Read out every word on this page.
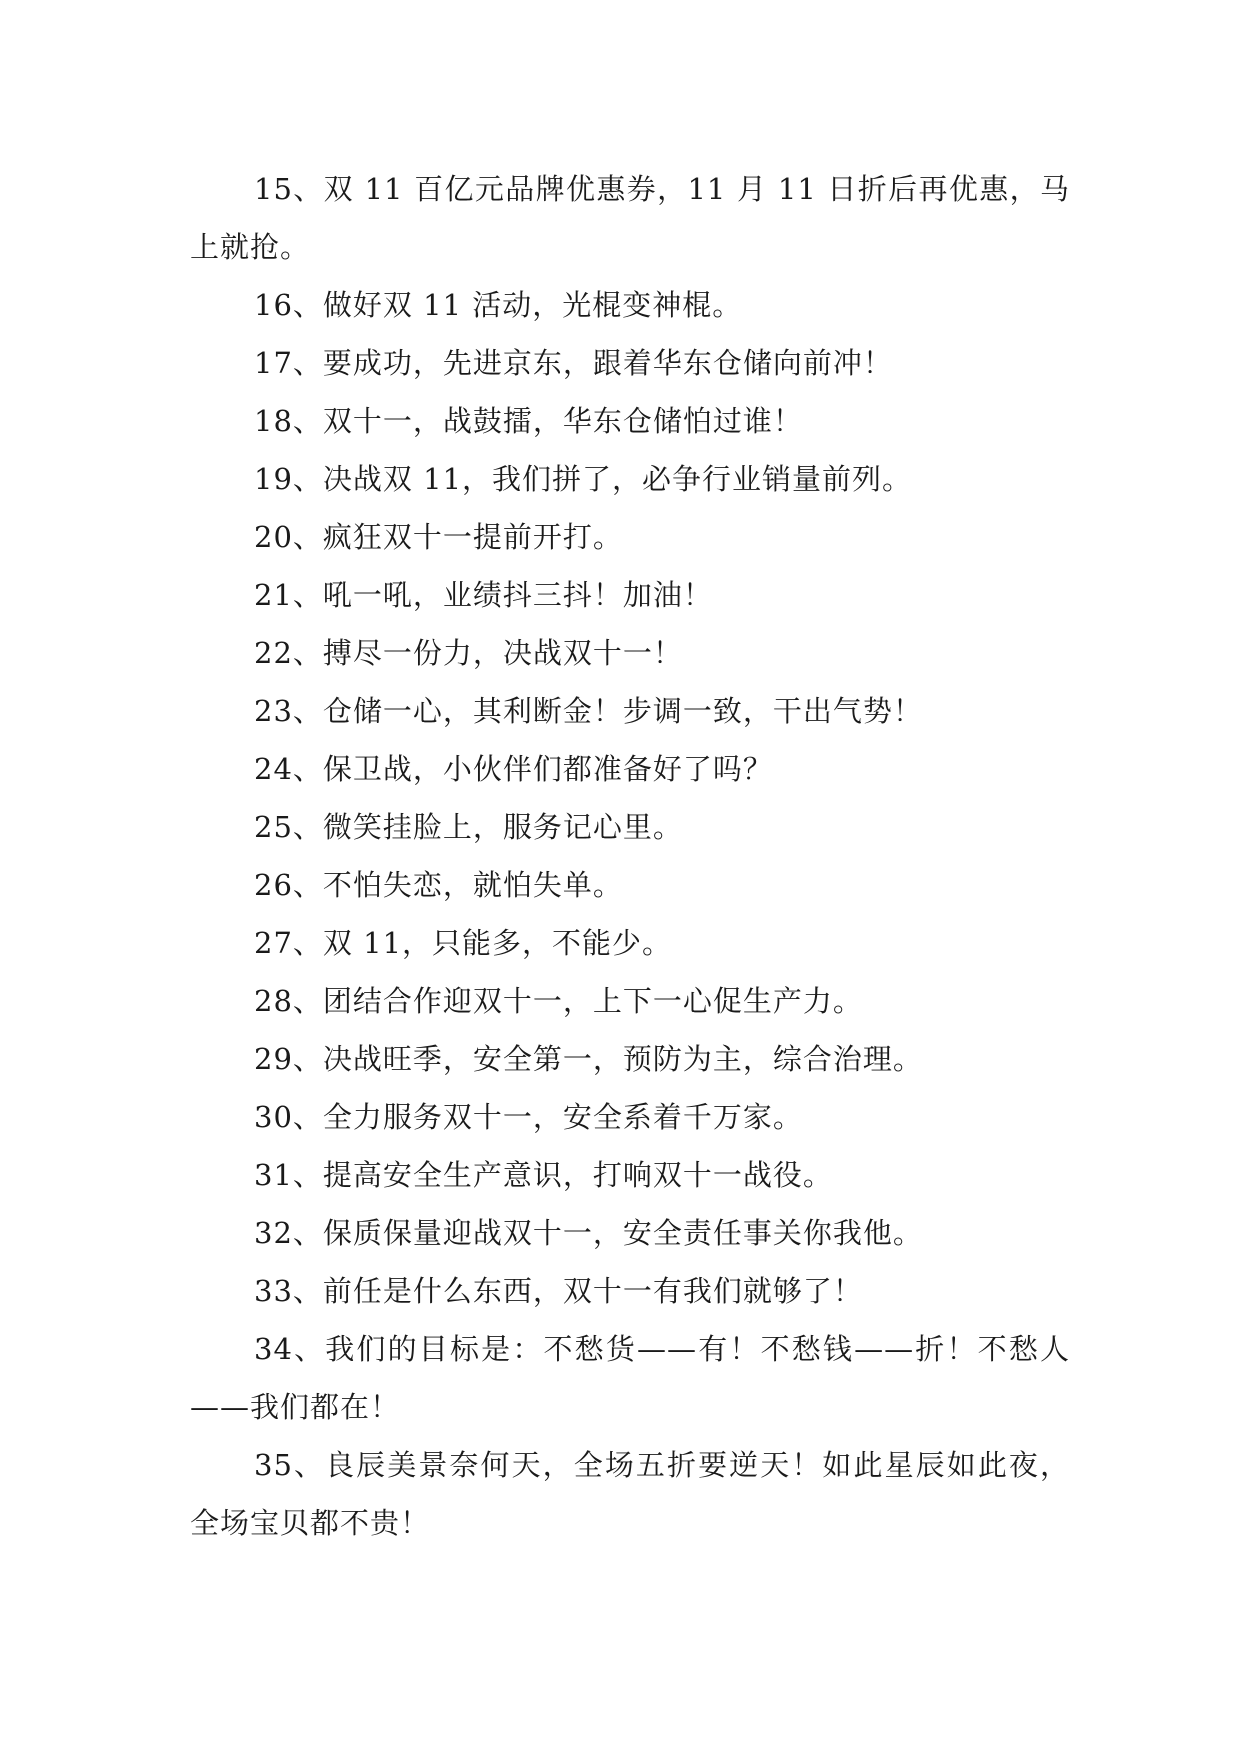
15、双 11 百亿元品牌优惠券，11 月 11 日折后再优惠，马上就抢。

16、做好双 11 活动，光棍变神棍。

17、要成功，先进京东，跟着华东仓储向前冲！

18、双十一，战鼓擂，华东仓储怕过谁！

19、决战双 11，我们拼了，必争行业销量前列。

20、疯狂双十一提前开打。

21、吼一吼，业绩抖三抖！加油！

22、搏尽一份力，决战双十一！

23、仓储一心，其利断金！步调一致，干出气势！

24、保卫战，小伙伴们都准备好了吗？

25、微笑挂脸上，服务记心里。

26、不怕失恋，就怕失单。

27、双 11，只能多，不能少。

28、团结合作迎双十一，上下一心促生产力。

29、决战旺季，安全第一，预防为主，综合治理。

30、全力服务双十一，安全系着千万家。

31、提高安全生产意识，打响双十一战役。

32、保质保量迎战双十一，安全责任事关你我他。

33、前任是什么东西，双十一有我们就够了！

34、我们的目标是：不愁货——有！不愁钱——折！不愁人——我们都在！

35、良辰美景奈何天，全场五折要逆天！如此星辰如此夜，全场宝贝都不贵！
